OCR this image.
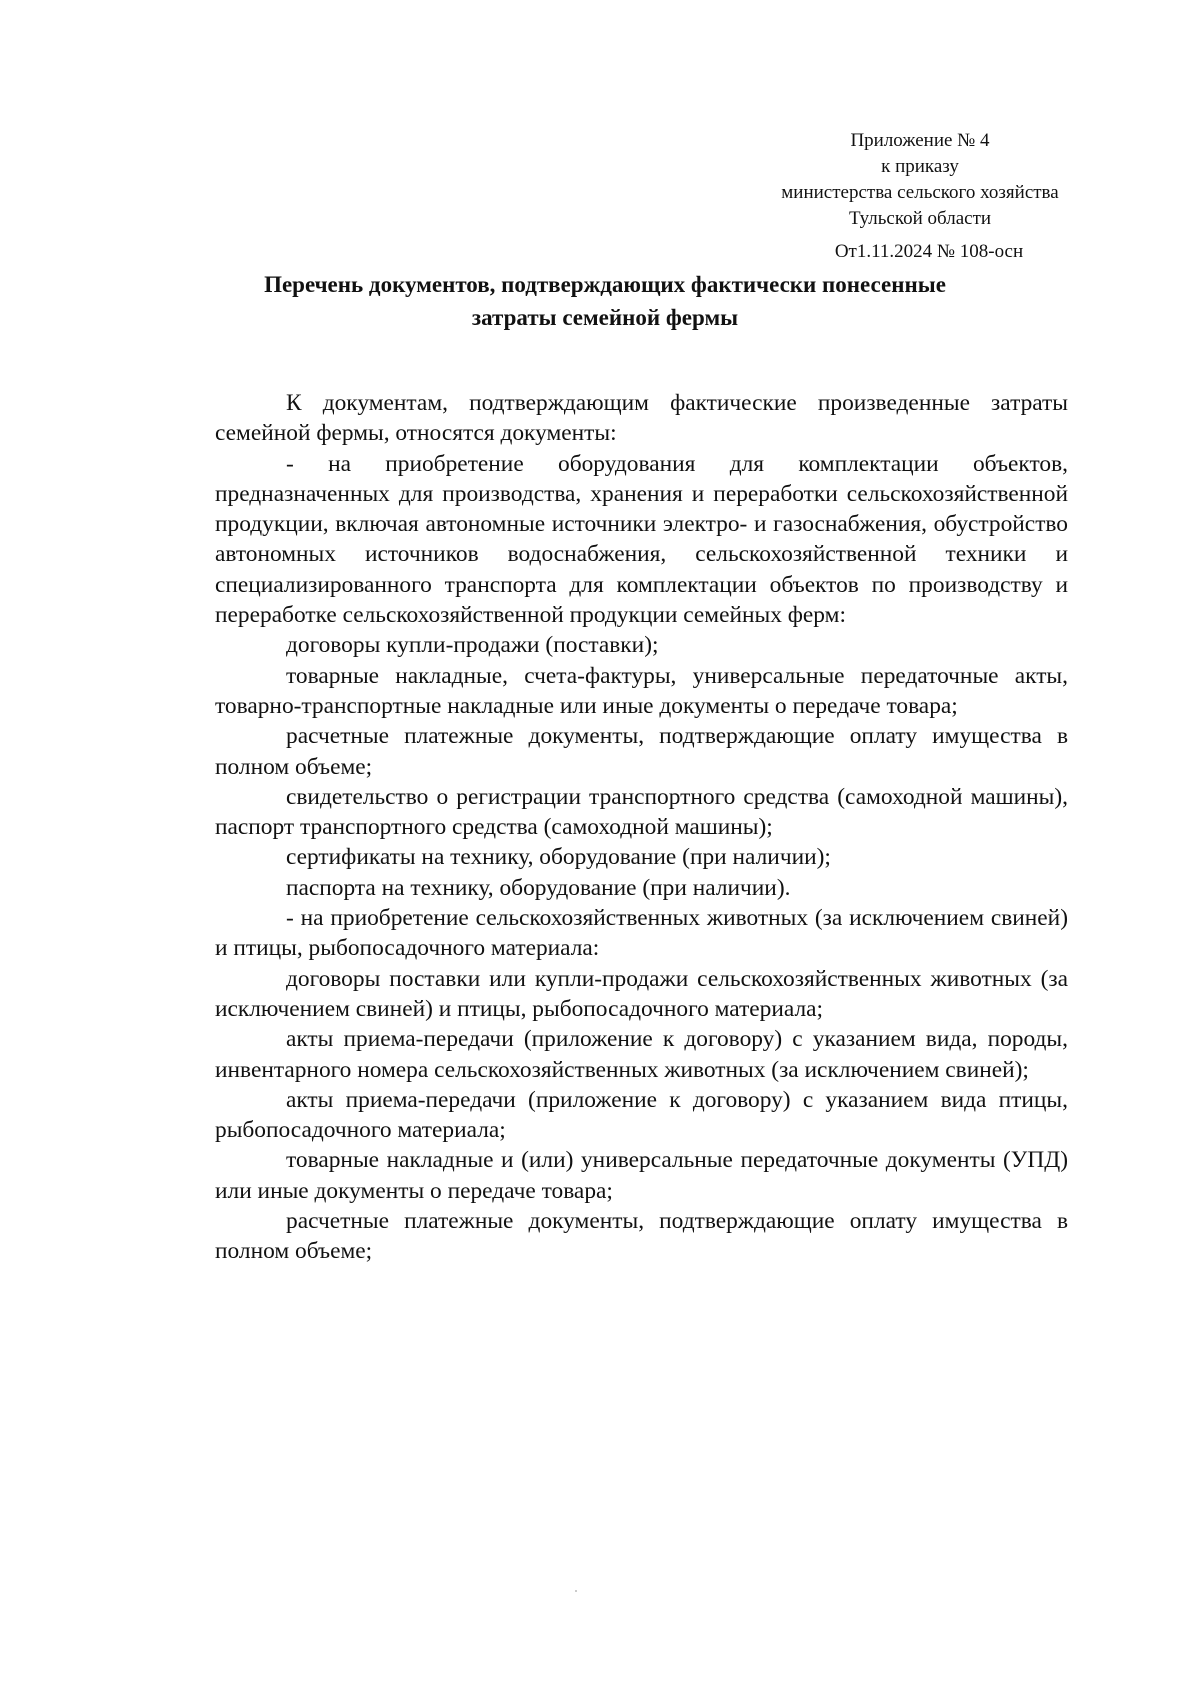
Приложение № 4
к приказу
министерства сельского хозяйства
Тульской области
От1.11.2024 № 108-осн
Перечень документов, подтверждающих фактически понесенные
затраты семейной фермы

К документам, подтверждающим фактические произведенные затраты семейной фермы, относятся документы:

- на приобретение оборудования для комплектации объектов, предназначенных для производства, хранения и переработки сельскохозяйственной продукции, включая автономные источники электро- и газоснабжения, обустройство автономных источников водоснабжения, сельскохозяйственной техники и специализированного транспорта для комплектации объектов по производству и переработке сельскохозяйственной продукции семейных ферм:

договоры купли-продажи (поставки);

товарные накладные, счета-фактуры, универсальные передаточные акты, товарно-транспортные накладные или иные документы о передаче товара;

расчетные платежные документы, подтверждающие оплату имущества в полном объеме;

свидетельство о регистрации транспортного средства (самоходной машины), паспорт транспортного средства (самоходной машины);

сертификаты на технику, оборудование (при наличии);

паспорта на технику, оборудование (при наличии).

- на приобретение сельскохозяйственных животных (за исключением свиней) и птицы, рыбопосадочного материала:

договоры поставки или купли-продажи сельскохозяйственных животных (за исключением свиней) и птицы, рыбопосадочного материала;

акты приема-передачи (приложение к договору) с указанием вида, породы, инвентарного номера сельскохозяйственных животных (за исключением свиней);

акты приема-передачи (приложение к договору) с указанием вида птицы, рыбопосадочного материала;

товарные накладные и (или) универсальные передаточные документы (УПД) или иные документы о передаче товара;

расчетные платежные документы, подтверждающие оплату имущества в полном объеме;
